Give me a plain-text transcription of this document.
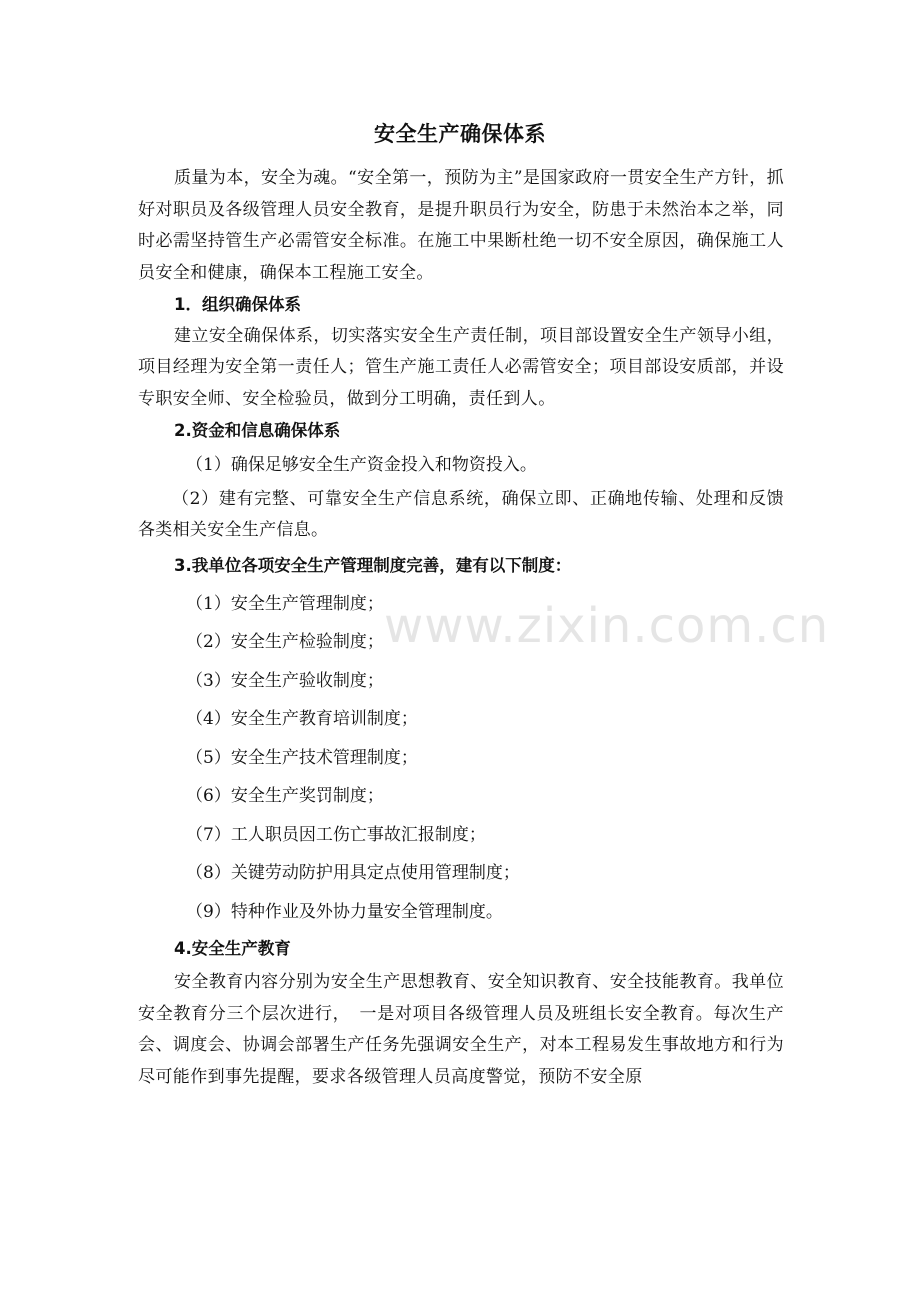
安全生产确保体系

质量为本，安全为魂。“安全第一，预防为主”是国家政府一贯安全生产方针，抓好对职员及各级管理人员安全教育，是提升职员行为安全，防患于未然治本之举，同时必需坚持管生产必需管安全标准。在施工中果断杜绝一切不安全原因，确保施工人员安全和健康，确保本工程施工安全。

1．组织确保体系

建立安全确保体系，切实落实安全生产责任制，项目部设置安全生产领导小组，项目经理为安全第一责任人；管生产施工责任人必需管安全；项目部设安质部，并设专职安全师、安全检验员，做到分工明确，责任到人。

2.资金和信息确保体系

（1）确保足够安全生产资金投入和物资投入。

（2）建有完整、可靠安全生产信息系统，确保立即、正确地传输、处理和反馈各类相关安全生产信息。

3.我单位各项安全生产管理制度完善，建有以下制度：

（1）安全生产管理制度；

（2）安全生产检验制度；

（3）安全生产验收制度；

（4）安全生产教育培训制度；

（5）安全生产技术管理制度；

（6）安全生产奖罚制度；

（7）工人职员因工伤亡事故汇报制度；

（8）关键劳动防护用具定点使用管理制度；

（9）特种作业及外协力量安全管理制度。

4.安全生产教育

安全教育内容分别为安全生产思想教育、安全知识教育、安全技能教育。我单位安全教育分三个层次进行，　一是对项目各级管理人员及班组长安全教育。每次生产会、调度会、协调会部署生产任务先强调安全生产，对本工程易发生事故地方和行为尽可能作到事先提醒，要求各级管理人员高度警觉，预防不安全原

www.zixin.com.cn
